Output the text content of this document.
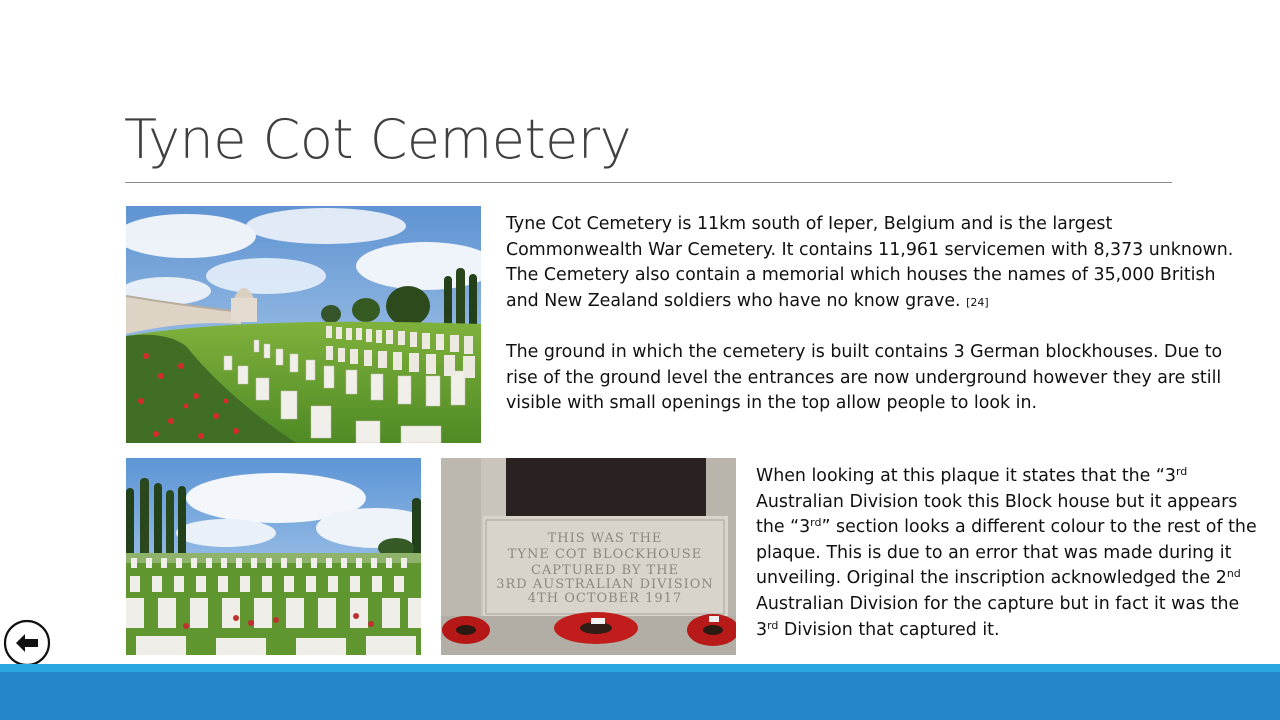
Tyne Cot Cemetery
THIS WAS THE
TYNE COT BLOCKHOUSE
CAPTURED BY THE
3RD AUSTRALIAN DIVISION
4TH OCTOBER 1917
Tyne Cot Cemetery is 11km south of Ieper, Belgium and is the largest Commonwealth War Cemetery. It contains 11,961 servicemen with 8,373 unknown. The Cemetery also contain a memorial which houses the names of 35,000 British and New Zealand soldiers who have no know grave. [24]
The ground in which the cemetery is built contains 3 German blockhouses. Due to rise of the ground level the entrances are now underground however they are still visible with small openings in the top allow people to look in.

When looking at this plaque it states that the “3rd Australian Division took this Block house but it appears the “3rd” section looks a different colour to the rest of the plaque. This is due to an error that was made during it unveiling. Original the inscription acknowledged the 2nd Australian Division for the capture but in fact it was the 3rd Division that captured it.
